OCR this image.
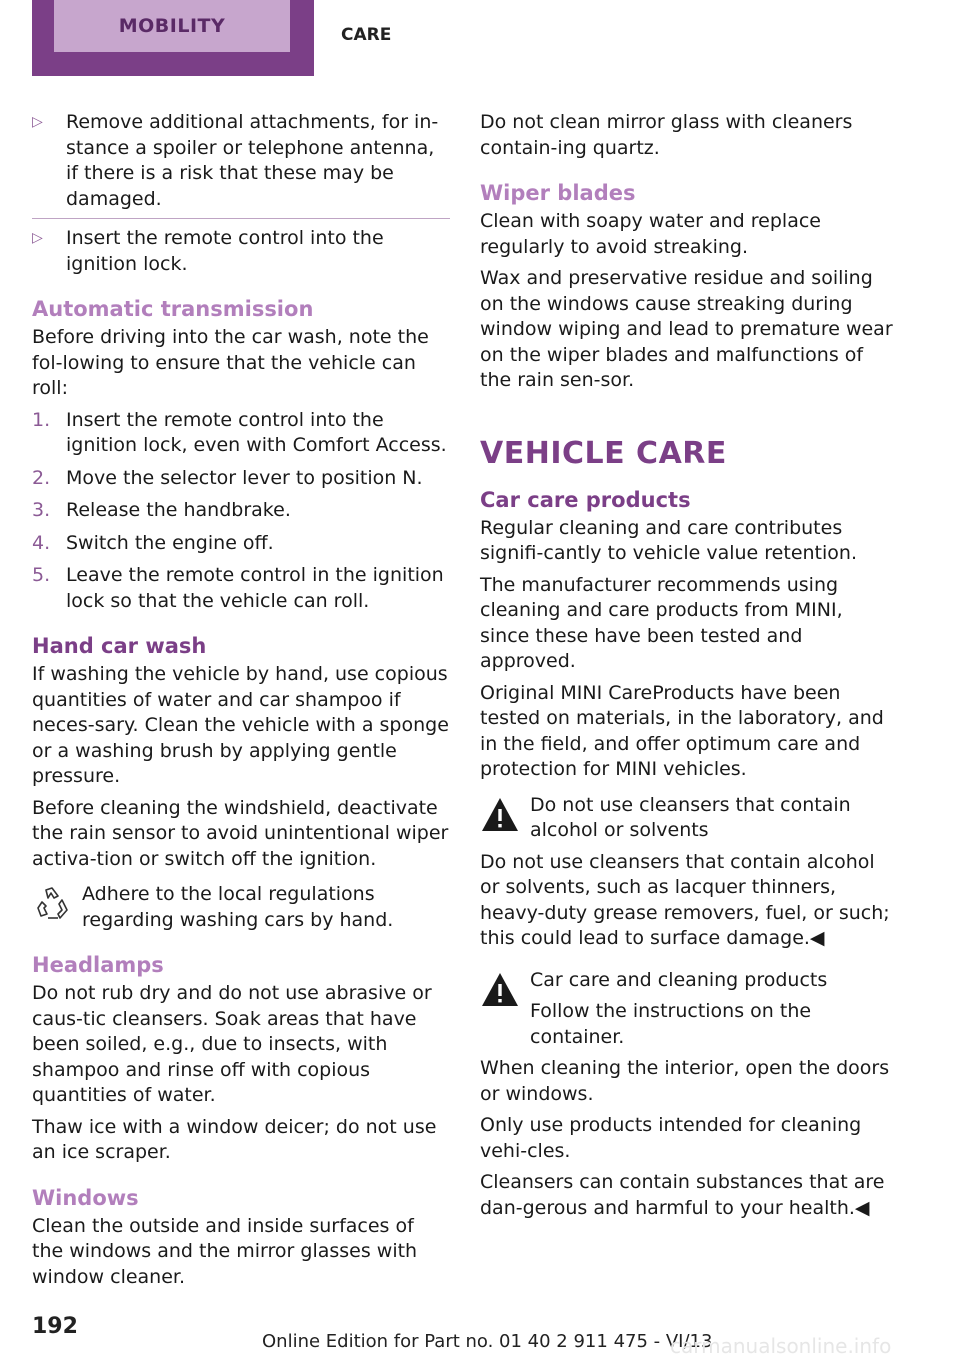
MOBILITY	CARE
▷ Remove additional attachments, for in-stance a spoiler or telephone antenna, if there is a risk that these may be damaged.
▷ Insert the remote control into the ignition lock.
Automatic transmission

Before driving into the car wash, note the fol-lowing to ensure that the vehicle can roll:

1. Insert the remote control into the ignition lock, even with Comfort Access.
2. Move the selector lever to position N.
3. Release the handbrake.
4. Switch the engine off.
5. Leave the remote control in the ignition lock so that the vehicle can roll.
Hand car wash

If washing the vehicle by hand, use copious quantities of water and car shampoo if neces-sary. Clean the vehicle with a sponge or a washing brush by applying gentle pressure.

Before cleaning the windshield, deactivate the rain sensor to avoid unintentional wiper activa-tion or switch off the ignition.

Adhere to the local regulations regarding washing cars by hand.
Headlamps

Do not rub dry and do not use abrasive or caus-tic cleansers. Soak areas that have been soiled, e.g., due to insects, with shampoo and rinse off with copious quantities of water.

Thaw ice with a window deicer; do not use an ice scraper.

Windows

Clean the outside and inside surfaces of the windows and the mirror glasses with window cleaner.

Do not clean mirror glass with cleaners contain-ing quartz.

Wiper blades

Clean with soapy water and replace regularly to avoid streaking.

Wax and preservative residue and soiling on the windows cause streaking during window wiping and lead to premature wear on the wiper blades and malfunctions of the rain sen-sor.

VEHICLE CARE
Car care products

Regular cleaning and care contributes signifi-cantly to vehicle value retention.

The manufacturer recommends using cleaning and care products from MINI, since these have been tested and approved.

Original MINI CareProducts have been tested on materials, in the laboratory, and in the field, and offer optimum care and protection for MINI vehicles.

Do not use cleansers that contain alcohol or solvents

Do not use cleansers that contain alcohol or solvents, such as lacquer thinners, heavy-duty grease removers, fuel, or such; this could lead to surface damage.◀

Car care and cleaning products
Follow the instructions on the container.

When cleaning the interior, open the doors or windows.

Only use products intended for cleaning vehi-cles.

Cleansers can contain substances that are dan-gerous and harmful to your health.◀

192
Online Edition for Part no. 01 40 2 911 475 - VI/13
carmanualsonline.info
